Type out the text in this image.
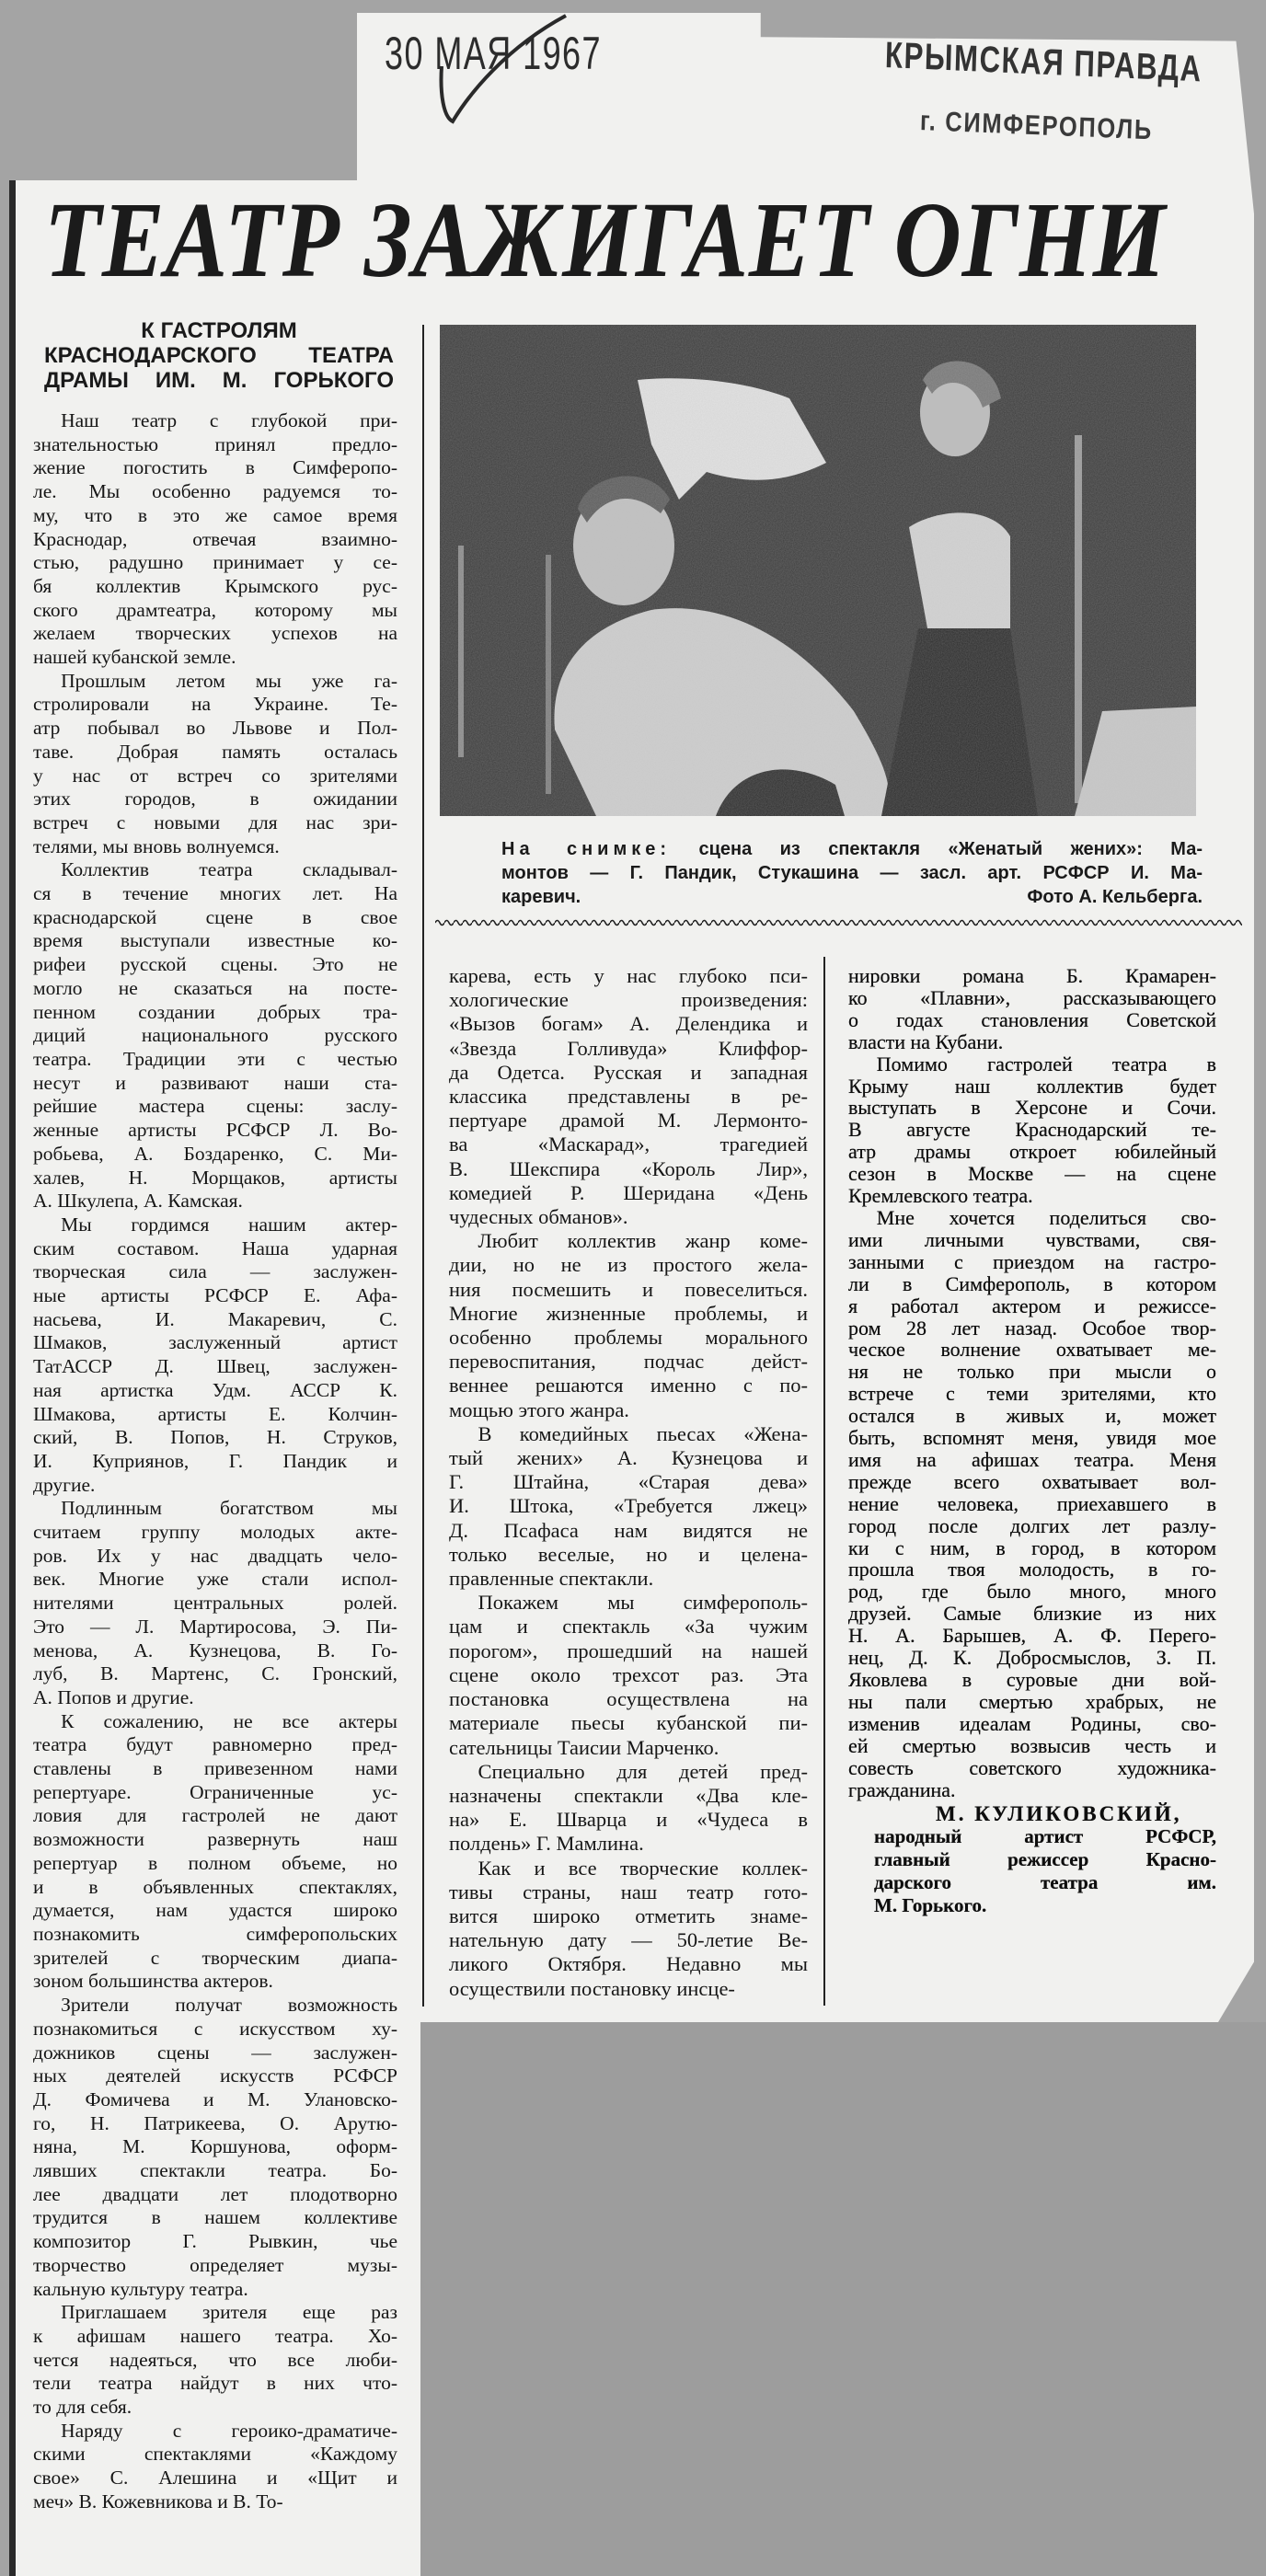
30 МАЯ 1967	КРЫМСКАЯ ПРАВДА
г. СИМФЕРОПОЛЬ
ТЕАТР ЗАЖИГАЕТ ОГНИ
К ГАСТРОЛЯМ
КРАСНОДАРСКОГО ТЕАТРА
ДРАМЫ ИМ. М. ГОРЬКОГО
На снимке: сцена из спектакля «Женатый жених»: Ма-
монтов — Г. Пандик, Стукашина — засл. арт. РСФСР И. Ма-
каревич.	Фото А. Кельберга.
Наш театр с глубокой при-
знательностью принял предло-
жение погостить в Симферопо-
ле. Мы особенно радуемся то-
му, что в это же самое время
Краснодар, отвечая взаимно-
стью, радушно принимает у се-
бя коллектив Крымского рус-
ского драмтеатра, которому мы
желаем творческих успехов на
нашей кубанской земле.
Прошлым летом мы уже га-
стролировали на Украине. Те-
атр побывал во Львове и Пол-
таве. Добрая память осталась
у нас от встреч со зрителями
этих городов, в ожидании
встреч с новыми для нас зри-
телями, мы вновь волнуемся.
Коллектив театра складывал-
ся в течение многих лет. На
краснодарской сцене в свое
время выступали известные ко-
рифеи русской сцены. Это не
могло не сказаться на посте-
пенном создании добрых тра-
диций национального русского
театра. Традиции эти с честью
несут и развивают наши ста-
рейшие мастера сцены: заслу-
женные артисты РСФСР Л. Во-
робьева, А. Боздаренко, С. Ми-
халев, Н. Морщаков, артисты
А. Шкулепа, А. Камская.
Мы гордимся нашим актер-
ским составом. Наша ударная
творческая сила — заслужен-
ные артисты РСФСР Е. Афа-
насьева, И. Макаревич, С.
Шмаков, заслуженный артист
ТатАССР Д. Швец, заслужен-
ная артистка Удм. АССР К.
Шмакова, артисты Е. Колчин-
ский, В. Попов, Н. Струков,
И. Куприянов, Г. Пандик и
другие.
Подлинным богатством мы
считаем группу молодых акте-
ров. Их у нас двадцать чело-
век. Многие уже стали испол-
нителями центральных ролей.
Это — Л. Мартиросова, Э. Пи-
менова, А. Кузнецова, В. Го-
луб, В. Мартенс, С. Гронский,
А. Попов и другие.
К сожалению, не все актеры
театра будут равномерно пред-
ставлены в привезенном нами
репертуаре. Ограниченные ус-
ловия для гастролей не дают
возможности развернуть наш
репертуар в полном объеме, но
и в объявленных спектаклях,
думается, нам удастся широко
познакомить симферопольских
зрителей с творческим диапа-
зоном большинства актеров.
Зрители получат возможность
познакомиться с искусством ху-
дожников сцены — заслужен-
ных деятелей искусств РСФСР
Д. Фомичева и М. Улановско-
го, Н. Патрикеева, О. Арутю-
няна, М. Коршунова, оформ-
лявших спектакли театра. Бо-
лее двадцати лет плодотворно
трудится в нашем коллективе
композитор Г. Рывкин, чье
творчество определяет музы-
кальную культуру театра.
Приглашаем зрителя еще раз
к афишам нашего театра. Хо-
чется надеяться, что все люби-
тели театра найдут в них что-
то для себя.
Наряду с героико-драматиче-
скими спектаклями «Каждому
свое» С. Алешина и «Щит и
меч» В. Кожевникова и В. То-
карева, есть у нас глубоко пси-
хологические произведения:
«Вызов богам» А. Делендика и
«Звезда Голливуда» Клиффор-
да Одетса. Русская и западная
классика представлены в ре-
пертуаре драмой М. Лермонто-
ва «Маскарад», трагедией
В. Шекспира «Король Лир»,
комедией Р. Шеридана «День
чудесных обманов».
Любит коллектив жанр коме-
дии, но не из простого жела-
ния посмешить и повеселиться.
Многие жизненные проблемы, и
особенно проблемы морального
перевоспитания, подчас дейст-
веннее решаются именно с по-
мощью этого жанра.
В комедийных пьесах «Жена-
тый жених» А. Кузнецова и
Г. Штайна, «Старая дева»
И. Штока, «Требуется лжец»
Д. Псафаса нам видятся не
только веселые, но и целена-
правленные спектакли.
Покажем мы симферополь-
цам и спектакль «За чужим
порогом», прошедший на нашей
сцене около трехсот раз. Эта
постановка осуществлена на
материале пьесы кубанской пи-
сательницы Таисии Марченко.
Специально для детей пред-
назначены спектакли «Два кле-
на» Е. Шварца и «Чудеса в
полдень» Г. Мамлина.
Как и все творческие коллек-
тивы страны, наш театр гото-
вится широко отметить знаме-
нательную дату — 50-летие Ве-
ликого Октября. Недавно мы
осуществили постановку инсце-
нировки романа Б. Крамарен-
ко «Плавни», рассказывающего
о годах становления Советской
власти на Кубани.
Помимо гастролей театра в
Крыму наш коллектив будет
выступать в Херсоне и Сочи.
В августе Краснодарский те-
атр драмы откроет юбилейный
сезон в Москве — на сцене
Кремлевского театра.
Мне хочется поделиться сво-
ими личными чувствами, свя-
занными с приездом на гастро-
ли в Симферополь, в котором
я работал актером и режиссе-
ром 28 лет назад. Особое твор-
ческое волнение охватывает ме-
ня не только при мысли о
встрече с теми зрителями, кто
остался в живых и, может
быть, вспомнят меня, увидя мое
имя на афишах театра. Меня
прежде всего охватывает вол-
нение человека, приехавшего в
город после долгих лет разлу-
ки с ним, в город, в котором
прошла твоя молодость, в го-
род, где было много, много
друзей. Самые близкие из них
Н. А. Барышев, А. Ф. Перего-
нец, Д. К. Добросмыслов, З. П.
Яковлева в суровые дни вой-
ны пали смертью храбрых, не
изменив идеалам Родины, сво-
ей смертью возвысив честь и
совесть советского художника-
гражданина.
М. КУЛИКОВСКИЙ,
народный артист РСФСР,
главный режиссер Красно-
дарского театра им.
М. Горького.
